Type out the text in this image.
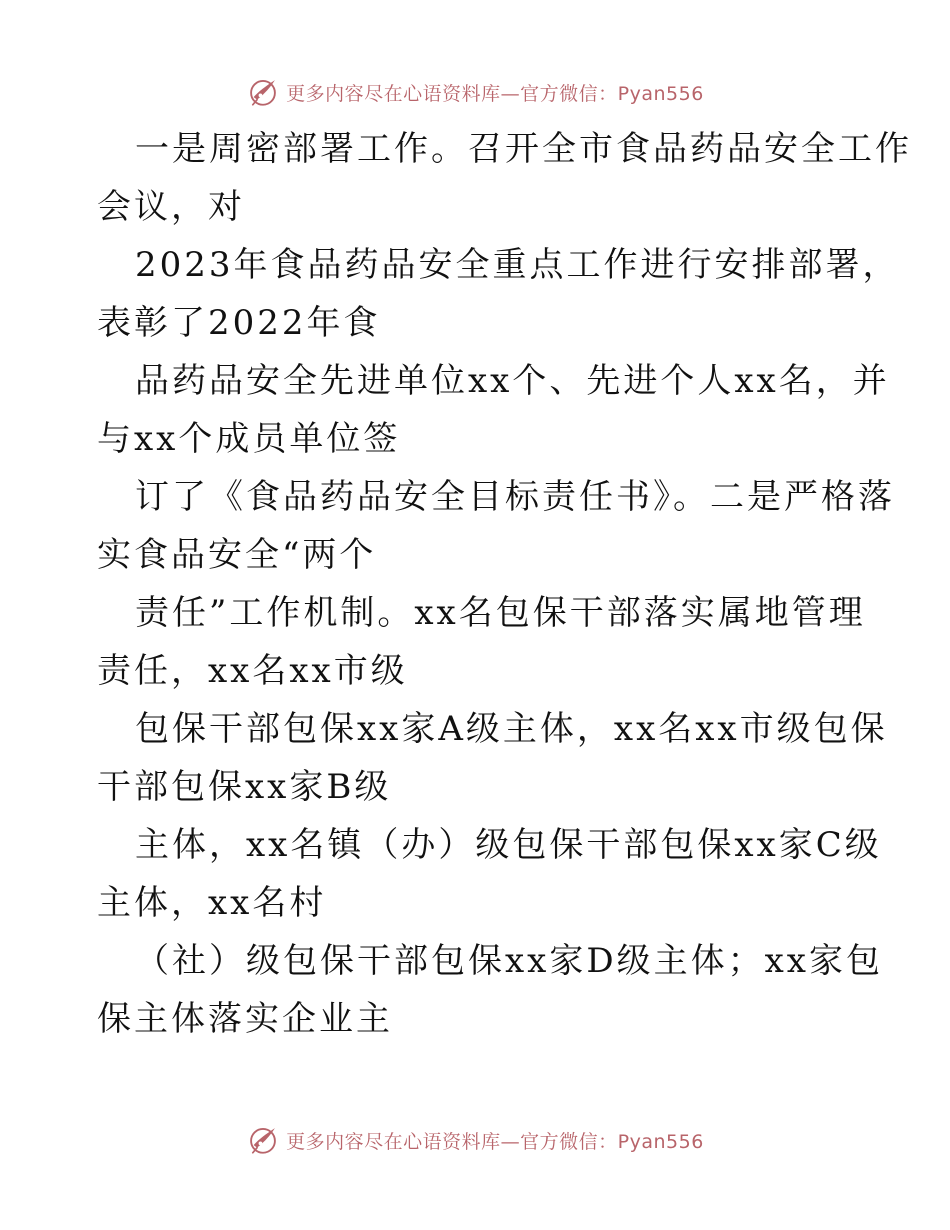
更多内容尽在心语资料库—官方微信：Pyan556
一是周密部署工作。召开全市食品药品安全工作
会议，对
2023年食品药品安全重点工作进行安排部署，
表彰了2022年食
品药品安全先进单位xx个、先进个人xx名，并
与xx个成员单位签
订了《食品药品安全目标责任书》。二是严格落
实食品安全“两个
责任”工作机制。xx名包保干部落实属地管理
责任，xx名xx市级
包保干部包保xx家A级主体，xx名xx市级包保
干部包保xx家B级
主体，xx名镇（办）级包保干部包保xx家C级
主体，xx名村
（社）级包保干部包保xx家D级主体；xx家包
保主体落实企业主
更多内容尽在心语资料库—官方微信：Pyan556
